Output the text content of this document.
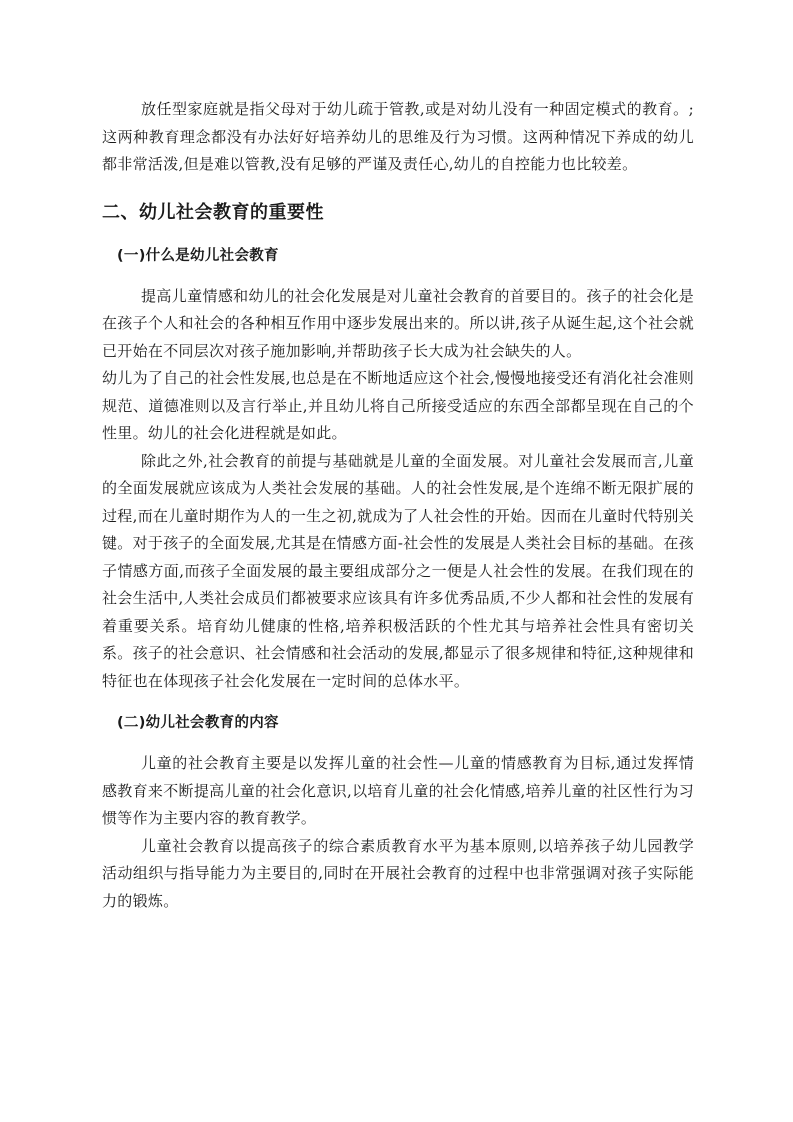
放任型家庭就是指父母对于幼儿疏于管教,或是对幼儿没有一种固定模式的教育。;这两种教育理念都没有办法好好培养幼儿的思维及行为习惯。这两种情况下养成的幼儿都非常活泼,但是难以管教,没有足够的严谨及责任心,幼儿的自控能力也比较差。

二、幼儿社会教育的重要性
(一)什么是幼儿社会教育

提高儿童情感和幼儿的社会化发展是对儿童社会教育的首要目的。孩子的社会化是在孩子个人和社会的各种相互作用中逐步发展出来的。所以讲,孩子从诞生起,这个社会就已开始在不同层次对孩子施加影响,并帮助孩子长大成为社会缺失的人。

幼儿为了自己的社会性发展,也总是在不断地适应这个社会,慢慢地接受还有消化社会准则规范、道德准则以及言行举止,并且幼儿将自己所接受适应的东西全部都呈现在自己的个性里。幼儿的社会化进程就是如此。

除此之外,社会教育的前提与基础就是儿童的全面发展。对儿童社会发展而言,儿童的全面发展就应该成为人类社会发展的基础。人的社会性发展,是个连绵不断无限扩展的过程,而在儿童时期作为人的一生之初,就成为了人社会性的开始。因而在儿童时代特别关键。对于孩子的全面发展,尤其是在情感方面-社会性的发展是人类社会目标的基础。在孩子情感方面,而孩子全面发展的最主要组成部分之一便是人社会性的发展。在我们现在的社会生活中,人类社会成员们都被要求应该具有许多优秀品质,不少人都和社会性的发展有着重要关系。培育幼儿健康的性格,培养积极活跃的个性尤其与培养社会性具有密切关系。孩子的社会意识、社会情感和社会活动的发展,都显示了很多规律和特征,这种规律和特征也在体现孩子社会化发展在一定时间的总体水平。

(二)幼儿社会教育的内容

儿童的社会教育主要是以发挥儿童的社会性—儿童的情感教育为目标,通过发挥情感教育来不断提高儿童的社会化意识,以培育儿童的社会化情感,培养儿童的社区性行为习惯等作为主要内容的教育教学。

儿童社会教育以提高孩子的综合素质教育水平为基本原则,以培养孩子幼儿园教学活动组织与指导能力为主要目的,同时在开展社会教育的过程中也非常强调对孩子实际能力的锻炼。
